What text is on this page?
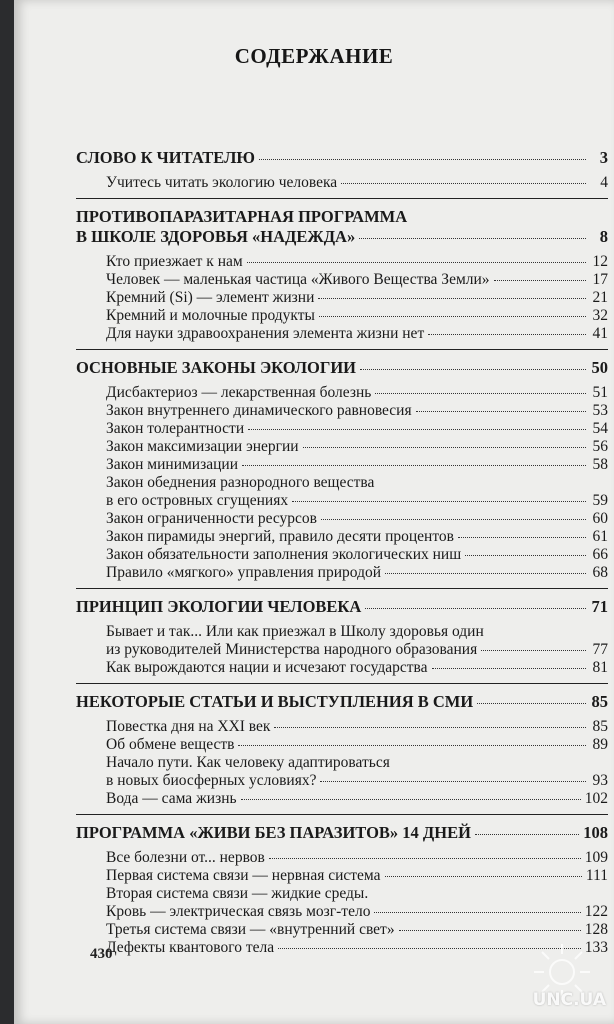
СОДЕРЖАНИЕ
СЛОВО К ЧИТАТЕЛЮ	3
Учитесь читать экологию человека	4
ПРОТИВОПАРАЗИТАРНАЯ ПРОГРАММА
В ШКОЛЕ ЗДОРОВЬЯ «НАДЕЖДА»	8
Кто приезжает к нам	12
Человек — маленькая частица «Живого Вещества Земли»	17
Кремний (Si) — элемент жизни	21
Кремний и молочные продукты	32
Для науки здравоохранения элемента жизни нет	41
ОСНОВНЫЕ ЗАКОНЫ ЭКОЛОГИИ	50
Дисбактериоз — лекарственная болезнь	51
Закон внутреннего динамического равновесия	53
Закон толерантности	54
Закон максимизации энергии	56
Закон минимизации	58
Закон обеднения разнородного вещества
в его островных сгущениях	59
Закон ограниченности ресурсов	60
Закон пирамиды энергий, правило десяти процентов	61
Закон обязательности заполнения экологических ниш	66
Правило «мягкого» управления природой	68
ПРИНЦИП ЭКОЛОГИИ ЧЕЛОВЕКА	71
Бывает и так... Или как приезжал в Школу здоровья один
из руководителей Министерства народного образования	77
Как вырождаются нации и исчезают государства	81
НЕКОТОРЫЕ СТАТЬИ И ВЫСТУПЛЕНИЯ В СМИ	85
Повестка дня на XXI век	85
Об обмене веществ	89
Начало пути. Как человеку адаптироваться
в новых биосферных условиях?	93
Вода — сама жизнь	102
ПРОГРАММА «ЖИВИ БЕЗ ПАРАЗИТОВ» 14 ДНЕЙ	108
Все болезни от... нервов	109
Первая система связи — нервная система	111
Вторая система связи — жидкие среды.
Кровь — электрическая связь мозг-тело	122
Третья система связи — «внутренний свет»	128
Дефекты квантового тела	133
430
UNC.UA
